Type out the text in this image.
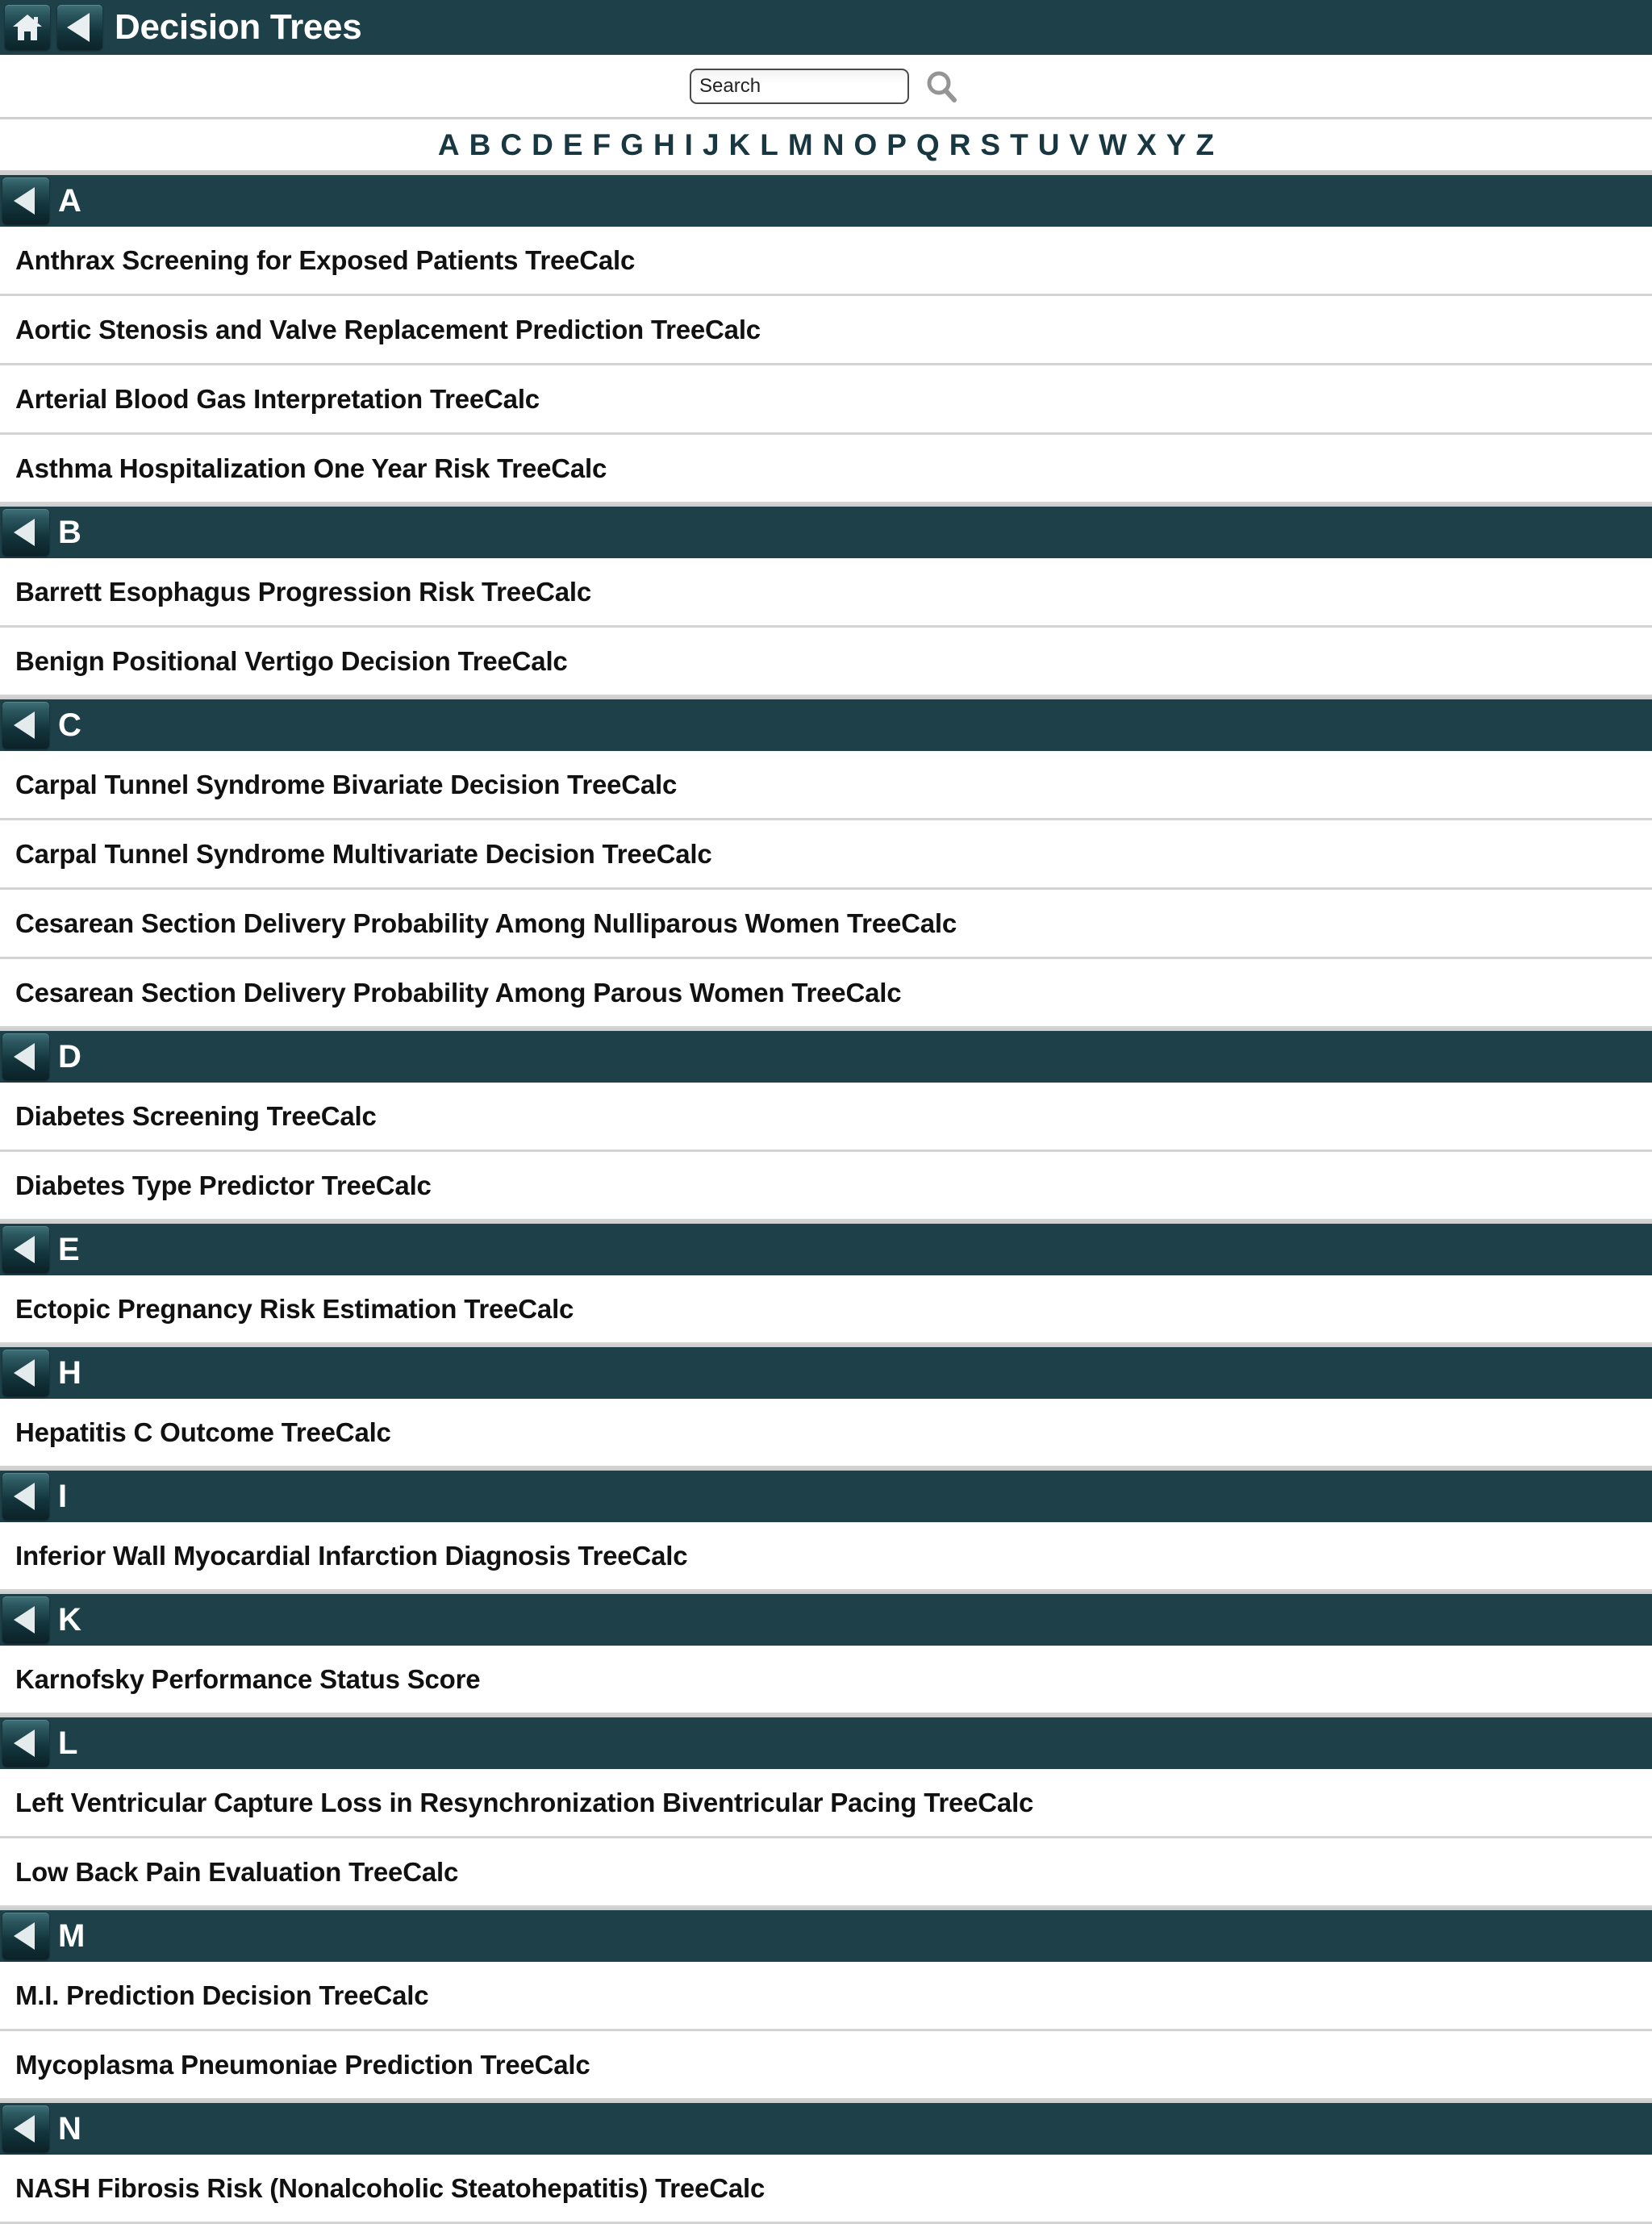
Decision Trees
Search
A B C D E F G H I J K L M N O P Q R S T U V W X Y Z
A
Anthrax Screening for Exposed Patients TreeCalc
Aortic Stenosis and Valve Replacement Prediction TreeCalc
Arterial Blood Gas Interpretation TreeCalc
Asthma Hospitalization One Year Risk TreeCalc
B
Barrett Esophagus Progression Risk TreeCalc
Benign Positional Vertigo Decision TreeCalc
C
Carpal Tunnel Syndrome Bivariate Decision TreeCalc
Carpal Tunnel Syndrome Multivariate Decision TreeCalc
Cesarean Section Delivery Probability Among Nulliparous Women TreeCalc
Cesarean Section Delivery Probability Among Parous Women TreeCalc
D
Diabetes Screening TreeCalc
Diabetes Type Predictor TreeCalc
E
Ectopic Pregnancy Risk Estimation TreeCalc
H
Hepatitis C Outcome TreeCalc
I
Inferior Wall Myocardial Infarction Diagnosis TreeCalc
K
Karnofsky Performance Status Score
L
Left Ventricular Capture Loss in Resynchronization Biventricular Pacing TreeCalc
Low Back Pain Evaluation TreeCalc
M
M.I. Prediction Decision TreeCalc
Mycoplasma Pneumoniae Prediction TreeCalc
N
NASH Fibrosis Risk (Nonalcoholic Steatohepatitis) TreeCalc
